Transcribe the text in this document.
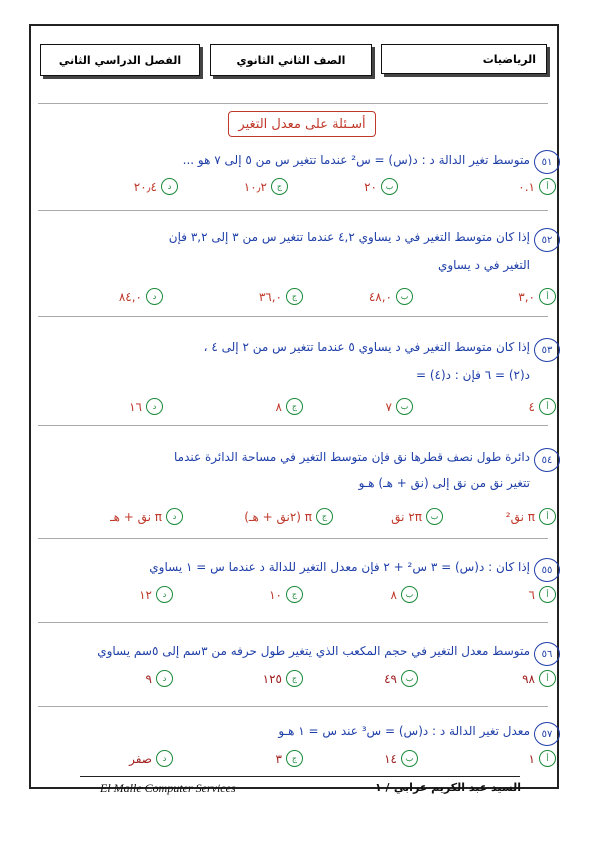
الفصل الدراسي الثاني	الصف الثاني الثانوي	الرياضيات
أسـئلة على معدل التغير
٥١
متوسط تغير الدالة د : د(س) = س² عندما تتغير س من ٥ إلى ٧ هو ...
أ
٠.١
ب
٢٠
ج
١٠٫٢
د
٢٠٫٤
٥٢
إذا كان متوسط التغير في د يساوي ٤,٢ عندما تتغير س من ٣ إلى ٣,٢ فإن
التغير في د يساوي
أ
٣,٠
ب
٤٨,٠
ج
٣٦,٠
د
٨٤,٠
٥٣
إذا كان متوسط التغير في د يساوي ٥ عندما تتغير س من ٢ إلى ٤ ،
د(٢) = ٦ فإن : د(٤) =
أ
٤
ب
٧
ج
٨
د
١٦
٥٤
دائرة طول نصف قطرها نق فإن متوسط التغير في مساحة الدائرة عندما
تتغير نق من نق إلى (نق + هـ) هـو
أ
π نق²
ب
٢π نق
ج
π (٢نق + هـ)
د
π نق + هـ
٥٥
إذا كان : د(س) = ٣ س² + ٢ فإن معدل التغير للدالة د عندما س = ١ يساوي
أ
٦
ب
٨
ج
١٠
د
١٢
٥٦
متوسط معدل التغير في حجم المكعب الذي يتغير طول حرفه من ٣سم إلى ٥سم يساوي
أ
٩٨
ب
٤٩
ج
١٢٥
د
٩
٥٧
معدل تغير الدالة د : د(س) = س³ عند س = ١ هـو
أ
١
ب
١٤
ج
٣
د
صفر
El Malle Computer Services	١ / السيد عبد الكريم عرابي
